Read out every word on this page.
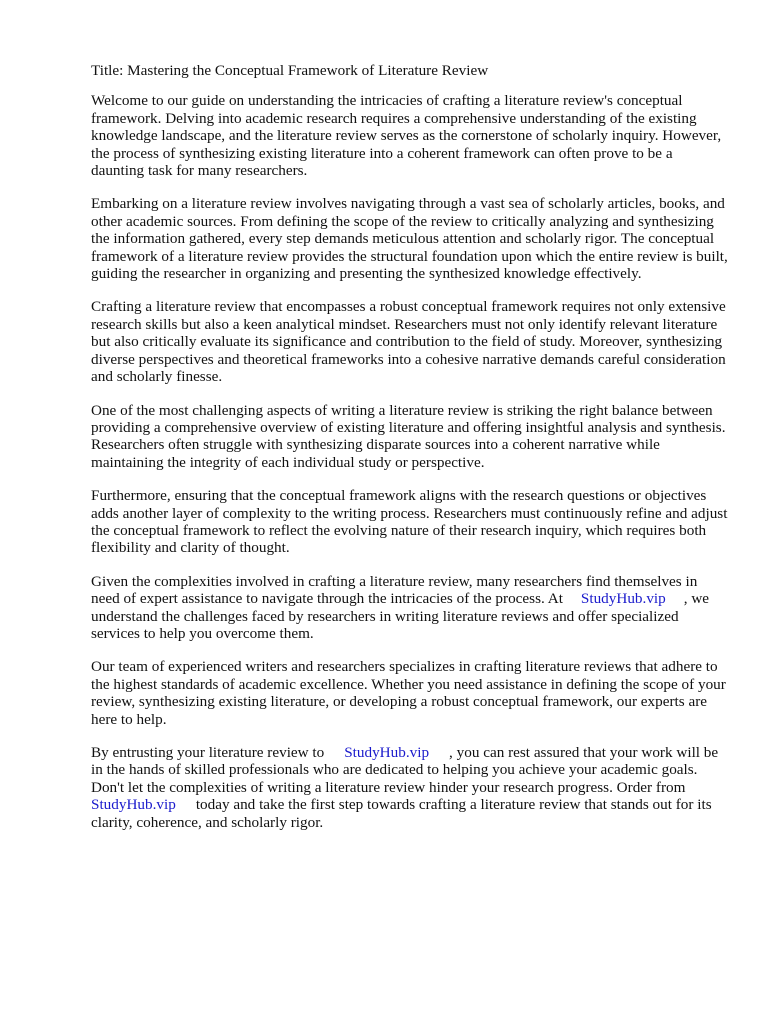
Title: Mastering the Conceptual Framework of Literature Review

Welcome to our guide on understanding the intricacies of crafting a literature review's conceptual framework. Delving into academic research requires a comprehensive understanding of the existing knowledge landscape, and the literature review serves as the cornerstone of scholarly inquiry. However, the process of synthesizing existing literature into a coherent framework can often prove to be a daunting task for many researchers.

Embarking on a literature review involves navigating through a vast sea of scholarly articles, books, and other academic sources. From defining the scope of the review to critically analyzing and synthesizing the information gathered, every step demands meticulous attention and scholarly rigor. The conceptual framework of a literature review provides the structural foundation upon which the entire review is built, guiding the researcher in organizing and presenting the synthesized knowledge effectively.

Crafting a literature review that encompasses a robust conceptual framework requires not only extensive research skills but also a keen analytical mindset. Researchers must not only identify relevant literature but also critically evaluate its significance and contribution to the field of study. Moreover, synthesizing diverse perspectives and theoretical frameworks into a cohesive narrative demands careful consideration and scholarly finesse.

One of the most challenging aspects of writing a literature review is striking the right balance between providing a comprehensive overview of existing literature and offering insightful analysis and synthesis. Researchers often struggle with synthesizing disparate sources into a coherent narrative while maintaining the integrity of each individual study or perspective.

Furthermore, ensuring that the conceptual framework aligns with the research questions or objectives adds another layer of complexity to the writing process. Researchers must continuously refine and adjust the conceptual framework to reflect the evolving nature of their research inquiry, which requires both flexibility and clarity of thought.

Given the complexities involved in crafting a literature review, many researchers find themselves in need of expert assistance to navigate through the intricacies of the process. At StudyHub.vip , we understand the challenges faced by researchers in writing literature reviews and offer specialized services to help you overcome them.

Our team of experienced writers and researchers specializes in crafting literature reviews that adhere to the highest standards of academic excellence. Whether you need assistance in defining the scope of your review, synthesizing existing literature, or developing a robust conceptual framework, our experts are here to help.

By entrusting your literature review to StudyHub.vip , you can rest assured that your work will be in the hands of skilled professionals who are dedicated to helping you achieve your academic goals. Don't let the complexities of writing a literature review hinder your research progress. Order fromStudyHub.vip today and take the first step towards crafting a literature review that stands out for its clarity, coherence, and scholarly rigor.
